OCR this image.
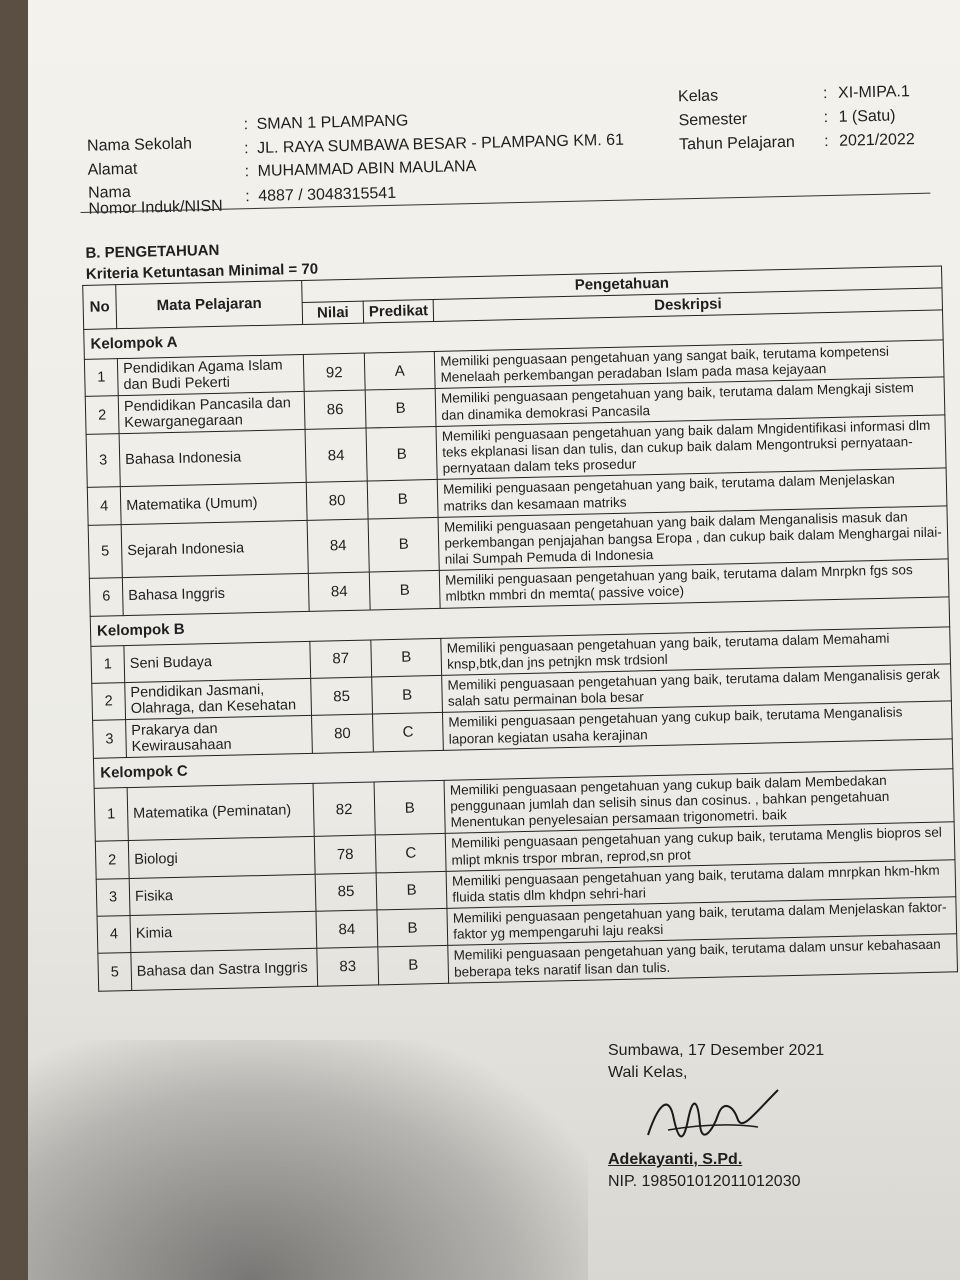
Nama Sekolah
: SMAN 1 PLAMPANG
Alamat
: JL. RAYA SUMBAWA BESAR - PLAMPANG KM. 61
Nama
: MUHAMMAD ABIN MAULANA
Nomor Induk/NISN
: 4887 / 3048315541
Kelas	: XI-MIPA.1
Semester	: 1 (Satu)
Tahun Pelajaran : 2021/2022
B. PENGETAHUAN
Kriteria Ketuntasan Minimal = 70
No	Mata Pelajaran	Pengetahuan		
		Nilai	Predikat	Deskripsi
Kelompok A				
1	Pendidikan Agama Islam dan Budi Pekerti	92	A	Memiliki penguasaan pengetahuan yang sangat baik, terutama kompetensi Menelaah perkembangan peradaban Islam pada masa kejayaan
2	Pendidikan Pancasila dan Kewarganegaraan	86	B	Memiliki penguasaan pengetahuan yang baik, terutama dalam Mengkaji sistem dan dinamika demokrasi Pancasila
3	Bahasa Indonesia	84	B	Memiliki penguasaan pengetahuan yang baik dalam Mngidentifikasi informasi dlm teks ekplanasi lisan dan tulis, dan cukup baik dalam Mengontruksi pernyataan-pernyataan dalam teks prosedur
4	Matematika (Umum)	80	B	Memiliki penguasaan pengetahuan yang baik, terutama dalam Menjelaskan matriks dan kesamaan matriks
5	Sejarah Indonesia	84	B	Memiliki penguasaan pengetahuan yang baik dalam Menganalisis masuk dan perkembangan penjajahan bangsa Eropa , dan cukup baik dalam Menghargai nilai-nilai Sumpah Pemuda di Indonesia
6	Bahasa Inggris	84	B	Memiliki penguasaan pengetahuan yang baik, terutama dalam Mnrpkn fgs sos mlbtkn mmbri dn memta( passive voice)
Kelompok B				
1	Seni Budaya	87	B	Memiliki penguasaan pengetahuan yang baik, terutama dalam Memahami knsp,btk,dan jns petnjkn msk trdsionl
2	Pendidikan Jasmani, Olahraga, dan Kesehatan	85	B	Memiliki penguasaan pengetahuan yang baik, terutama dalam Menganalisis gerak salah satu permainan bola besar
3	Prakarya dan Kewirausahaan	80	C	Memiliki penguasaan pengetahuan yang cukup baik, terutama Menganalisis laporan kegiatan usaha kerajinan
Kelompok C				
1	Matematika (Peminatan)	82	B	Memiliki penguasaan pengetahuan yang cukup baik dalam Membedakan penggunaan jumlah dan selisih sinus dan cosinus. , bahkan pengetahuan Menentukan penyelesaian persamaan trigonometri. baik
2	Biologi	78	C	Memiliki penguasaan pengetahuan yang cukup baik, terutama Menglis biopros sel mlipt mknis trspor mbran, reprod,sn prot
3	Fisika	85	B	Memiliki penguasaan pengetahuan yang baik, terutama dalam mnrpkan hkm-hkm fluida statis dlm khdpn sehri-hari
4	Kimia	84	B	Memiliki penguasaan pengetahuan yang baik, terutama dalam Menjelaskan faktor-faktor yg mempengaruhi laju reaksi
5	Bahasa dan Sastra Inggris	83	B	Memiliki penguasaan pengetahuan yang baik, terutama dalam unsur kebahasaan beberapa teks naratif lisan dan tulis.
Sumbawa, 17 Desember 2021
Wali Kelas,
Adekayanti, S.Pd.
NIP. 198501012011012030
